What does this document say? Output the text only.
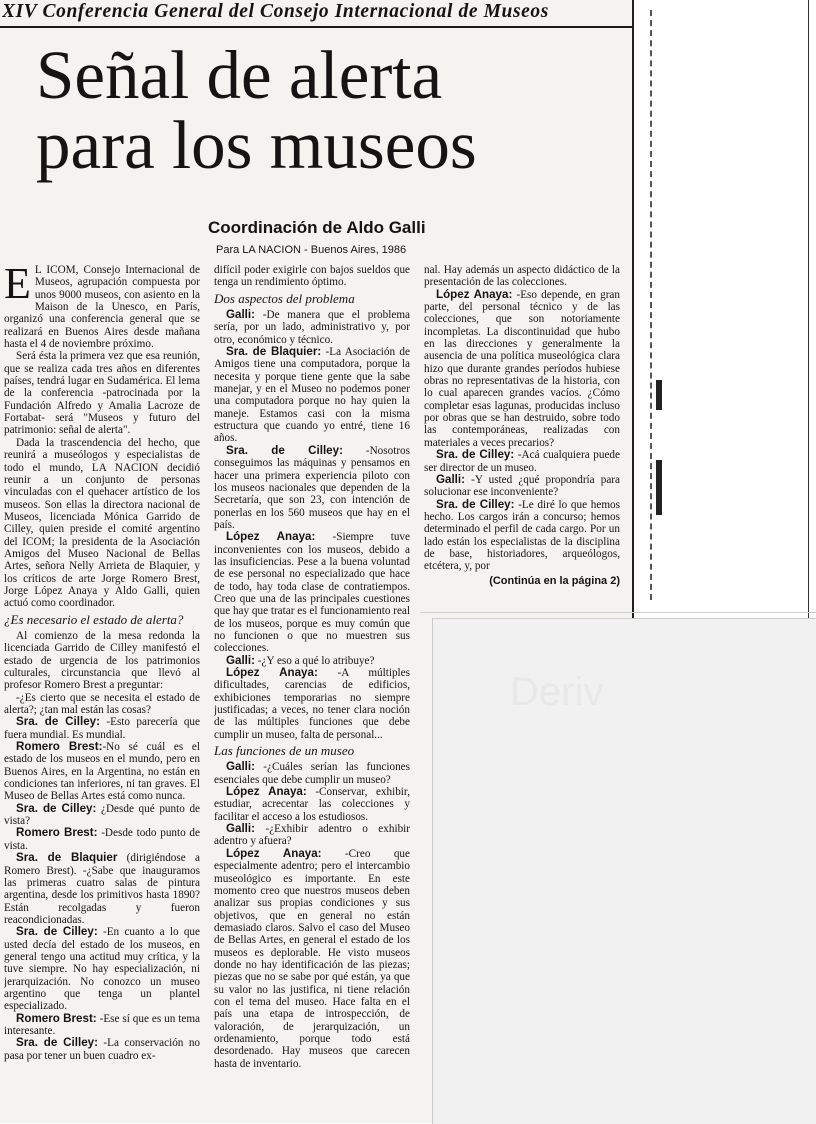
XIV Conferencia General del Consejo Internacional de Museos
Señal de alerta
para los museos
Coordinación de Aldo Galli
Para LA NACION - Buenos Aires, 1986

E L ICOM, Consejo Internacional de Museos, agrupación compuesta por unos 9000 museos, con asiento en la Maison de la Unesco, en París, organizó una conferencia general que se realizará en Buenos Aires desde mañana hasta el 4 de noviembre próximo.

Será ésta la primera vez que esa reunión, que se realiza cada tres años en diferentes países, tendrá lugar en Sudamérica. El lema de la conferencia -patrocinada por la Fundación Alfredo y Amalia Lacroze de Fortabat- será "Museos y futuro del patrimonio: señal de alerta".

Dada la trascendencia del hecho, que reunirá a museólogos y especialistas de todo el mundo, LA NACION decidió reunir a un conjunto de personas vinculadas con el quehacer artístico de los museos. Son ellas la directora nacional de Museos, licenciada Mónica Garrido de Cilley, quien preside el comité argentino del ICOM; la presidenta de la Asociación Amigos del Museo Nacional de Bellas Artes, señora Nelly Arrieta de Blaquier, y los críticos de arte Jorge Romero Brest, Jorge López Anaya y Aldo Galli, quien actuó como coordinador.

¿Es necesario el estado de alerta?

Al comienzo de la mesa redonda la licenciada Garrido de Cilley manifestó el estado de urgencia de los patrimonios culturales, circunstancia que llevó al profesor Romero Brest a preguntar:

-¿Es cierto que se necesita el estado de alerta?; ¿tan mal están las cosas?

Sra. de Cilley: -Esto parecería que fuera mundial. Es mundial.

Romero Brest:-No sé cuál es el estado de los museos en el mundo, pero en Buenos Aires, en la Argentina, no están en condiciones tan inferiores, ni tan graves. El Museo de Bellas Artes está como nunca.

Sra. de Cilley: ¿Desde qué punto de vista?

Romero Brest: -Desde todo punto de vista.

Sra. de Blaquier (dirigiéndose a Romero Brest). -¿Sabe que inauguramos las primeras cuatro salas de pintura argentina, desde los primitivos hasta 1890? Están recolgadas y fueron reacondicionadas.

Sra. de Cilley: -En cuanto a lo que usted decía del estado de los museos, en general tengo una actitud muy crítica, y la tuve siempre. No hay especialización, ni jerarquización. No conozco un museo argentino que tenga un plantel especializado.

Romero Brest: -Ese sí que es un tema interesante.

Sra. de Cilley: -La conservación no pasa por tener un buen cuadro ex-

difícil poder exigirle con bajos sueldos que tenga un rendimiento óptimo.

Dos aspectos del problema

Galli: -De manera que el problema sería, por un lado, administrativo y, por otro, económico y técnico.

Sra. de Blaquier: -La Asociación de Amigos tiene una computadora, porque la necesita y porque tiene gente que la sabe manejar, y en el Museo no podemos poner una computadora porque no hay quien la maneje. Estamos casi con la misma estructura que cuando yo entré, tiene 16 años.

Sra. de Cilley: -Nosotros conseguimos las máquinas y pensamos en hacer una primera experiencia piloto con los museos nacionales que dependen de la Secretaría, que son 23, con intención de ponerlas en los 560 museos que hay en el país.

López Anaya: -Siempre tuve inconvenientes con los museos, debido a las insuficiencias. Pese a la buena voluntad de ese personal no especializado que hace de todo, hay toda clase de contratiempos. Creo que una de las principales cuestiones que hay que tratar es el funcionamiento real de los museos, porque es muy común que no funcionen o que no muestren sus colecciones.

Galli: -¿Y eso a qué lo atribuye?

López Anaya: -A múltiples dificultades, carencias de edificios, exhibiciones temporarias no siempre justificadas; a veces, no tener clara noción de las múltiples funciones que debe cumplir un museo, falta de personal...

Las funciones de un museo

Galli: -¿Cuáles serían las funciones esenciales que debe cumplir un museo?

López Anaya: -Conservar, exhibir, estudiar, acrecentar las colecciones y facilitar el acceso a los estudiosos.

Galli: -¿Exhibir adentro o exhibir adentro y afuera?

López Anaya: -Creo que especialmente adentro; pero el intercambio museológico es importante. En este momento creo que nuestros museos deben analizar sus propias condiciones y sus objetivos, que en general no están demasiado claros. Salvo el caso del Museo de Bellas Artes, en general el estado de los museos es deplorable. He visto museos donde no hay identificación de las piezas; piezas que no se sabe por qué están, ya que su valor no las justifica, ni tiene relación con el tema del museo. Hace falta en el país una etapa de introspección, de valoración, de jerarquización, un ordenamiento, porque todo está desordenado. Hay museos que carecen hasta de inventario.

nal. Hay además un aspecto didáctico de la presentación de las colecciones.

López Anaya: -Eso depende, en gran parte, del personal técnico y de las colecciones, que son notoriamente incompletas. La discontinuidad que hubo en las direcciones y generalmente la ausencia de una política museológica clara hizo que durante grandes períodos hubiese obras no representativas de la historia, con lo cual aparecen grandes vacíos. ¿Cómo completar esas lagunas, producidas incluso por obras que se han destruido, sobre todo las contemporáneas, realizadas con materiales a veces precarios?

Sra. de Cilley: -Acá cualquiera puede ser director de un museo.

Galli: -Y usted ¿qué propondría para solucionar ese inconveniente?

Sra. de Cilley: -Le diré lo que hemos hecho. Los cargos irán a concurso; hemos determinado el perfil de cada cargo. Por un lado están los especialistas de la disciplina de base, historiadores, arqueólogos, etcétera, y, por

(Continúa en la página 2)

Deriv
